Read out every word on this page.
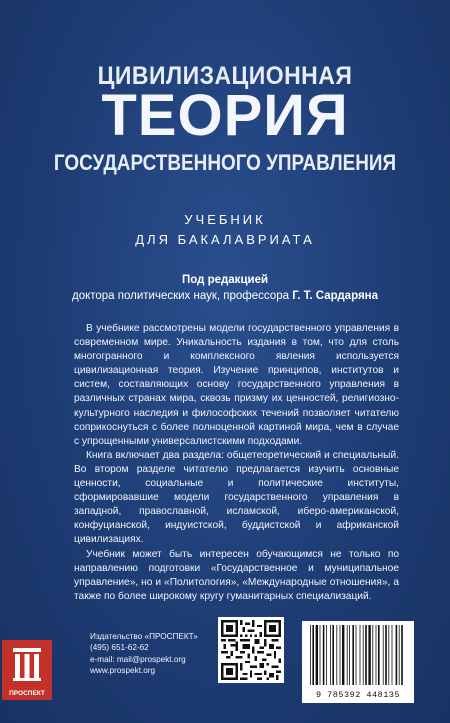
ЦИВИЛИЗАЦИОННАЯ
ТЕОРИЯ
ГОСУДАРСТВЕННОГО УПРАВЛЕНИЯ
УЧЕБНИК
ДЛЯ БАКАЛАВРИАТА
Под редакцией
доктора политических наук, профессора Г. Т. Сардаряна

В учебнике рассмотрены модели государственного управления в современном мире. Уникальность издания в том, что для столь многогранного и комплексного явления используется цивилизационная теория. Изучение принципов, институтов и систем, составляющих основу государственного управления в различных странах мира, сквозь призму их ценностей, религиозно-культурного наследия и философских течений позволяет читателю соприкоснуться с более полноценной картиной мира, чем в случае с упрощенными универсалистскими подходами.

Книга включает два раздела: общетеоретический и специальный. Во втором разделе читателю предлагается изучить основные ценности, социальные и политические институты, сформировавшие модели государственного управления в западной, православной, исламской, иберо-американской, конфуцианской, индуистской, буддистской и африканской цивилизациях.

Учебник может быть интересен обучающимся не только по направлению подготовки «Государственное и муниципальное управление», но и «Политология», «Международные отношения», а также по более широкому кругу гуманитарных специализаций.

ПРОСПЕКТ
Издательство «ПРОСПЕКТ»
(495) 651-62-62
e-mail: mail@prospekt.org
www.prospekt.org
9 785392 448135
